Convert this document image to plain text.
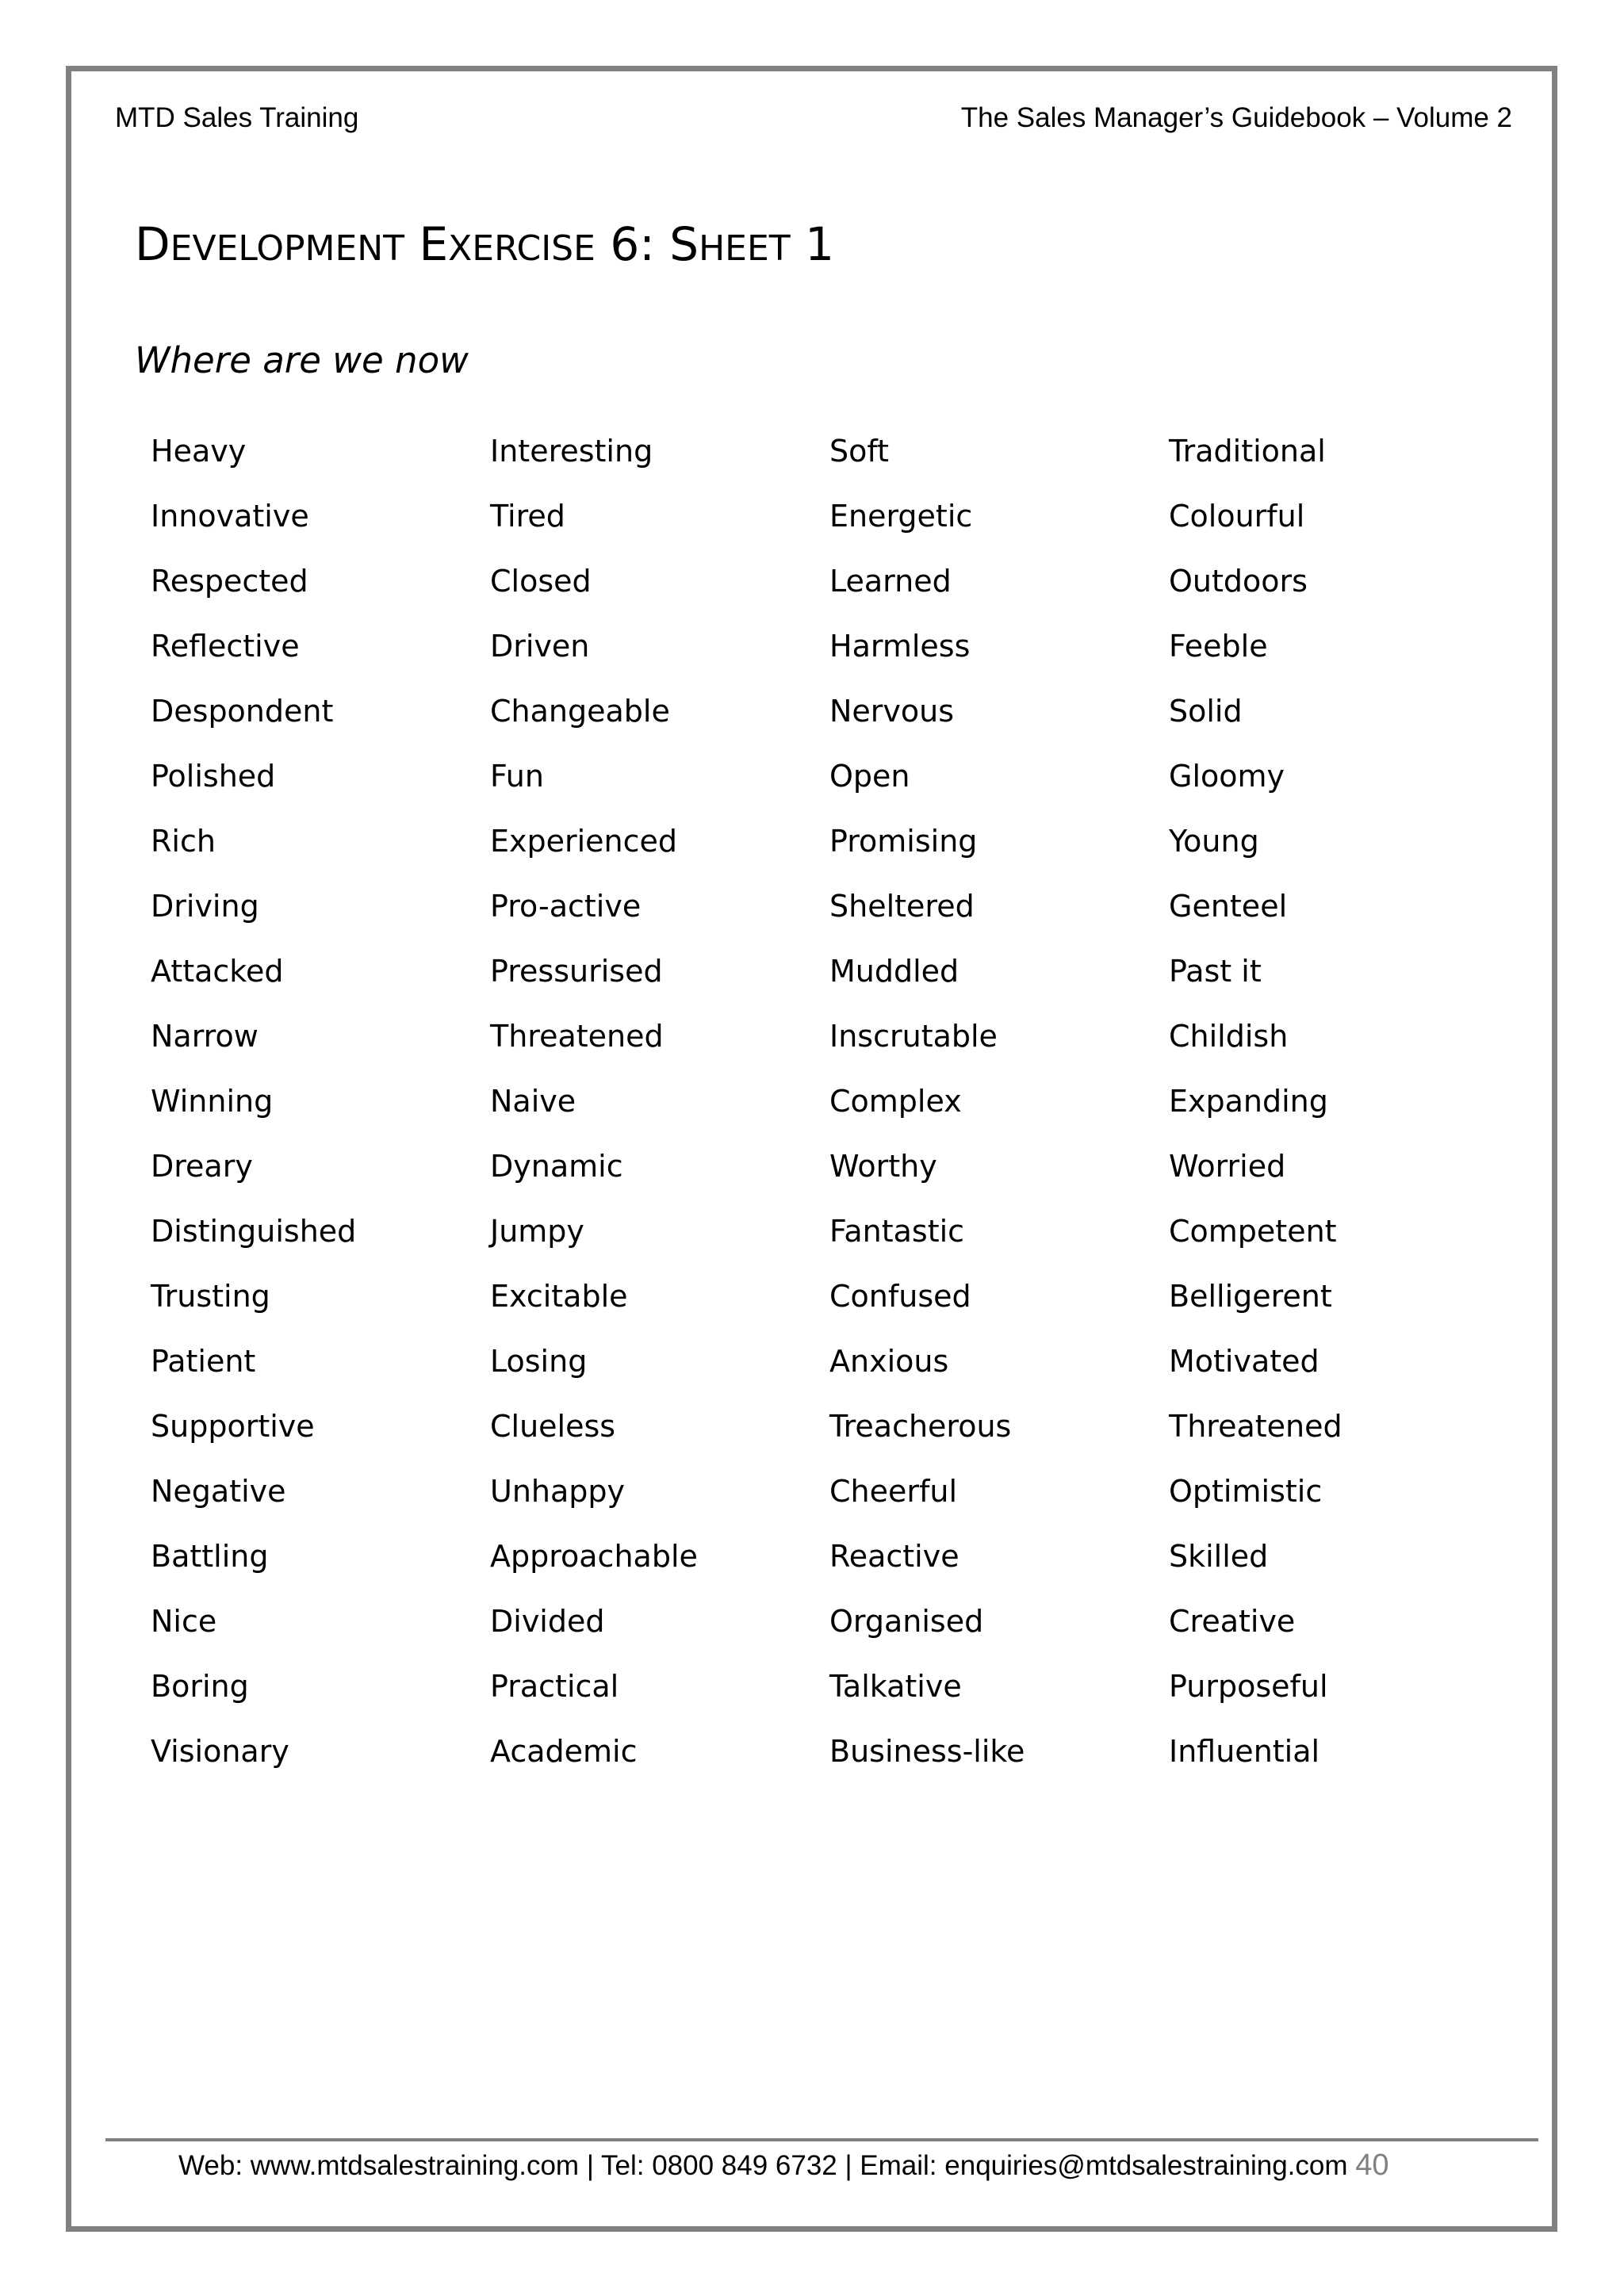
MTD Sales Training	The Sales Manager’s Guidebook – Volume 2
DEVELOPMENT EXERCISE 6: SHEET 1
Where are we now
Heavy	Interesting	Soft	Traditional
Innovative	Tired	Energetic	Colourful
Respected	Closed	Learned	Outdoors
Reflective	Driven	Harmless	Feeble
Despondent	Changeable	Nervous	Solid
Polished	Fun	Open	Gloomy
Rich	Experienced	Promising	Young
Driving	Pro-active	Sheltered	Genteel
Attacked	Pressurised	Muddled	Past it
Narrow	Threatened	Inscrutable	Childish
Winning	Naive	Complex	Expanding
Dreary	Dynamic	Worthy	Worried
Distinguished	Jumpy	Fantastic	Competent
Trusting	Excitable	Confused	Belligerent
Patient	Losing	Anxious	Motivated
Supportive	Clueless	Treacherous	Threatened
Negative	Unhappy	Cheerful	Optimistic
Battling	Approachable	Reactive	Skilled
Nice	Divided	Organised	Creative
Boring	Practical	Talkative	Purposeful
Visionary	Academic	Business-like	Influential
Web: www.mtdsalestraining.com | Tel: 0800 849 6732 | Email: enquiries@mtdsalestraining.com 40
